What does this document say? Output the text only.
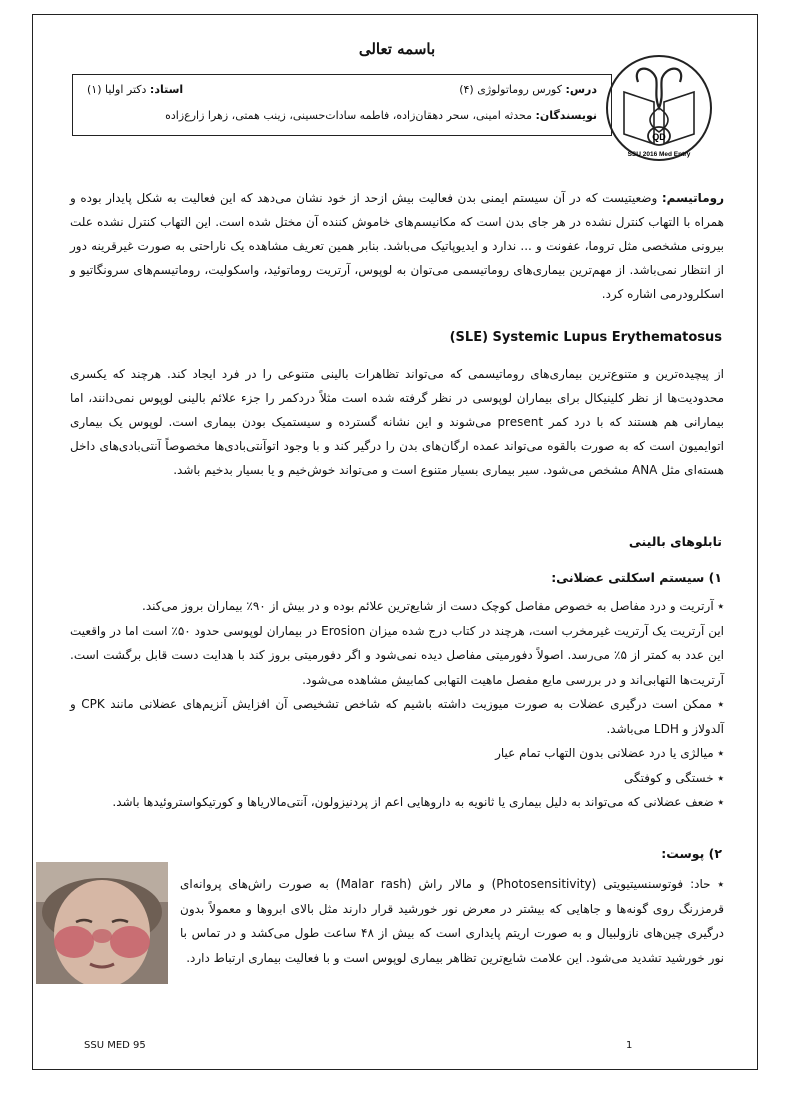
باسمه تعالی
QD
SSU 2016 Med Entry
درس: کورس روماتولوژی (۴)
استاد: دکتر اولیا (۱)
نویسندگان: محدثه امینی، سحر دهقان‌زاده، فاطمه سادات‌حسینی، زینب همتی، زهرا زارع‌زاده
روماتیسم: وضعیتیست که در آن سیستم ایمنی بدن فعالیت بیش ازحد از خود نشان می‌دهد که این فعالیت به شکل پایدار بوده و همراه با التهاب کنترل نشده در هر جای بدن است که مکانیسم‌های خاموش کننده آن مختل شده است. این التهاب کنترل نشده علت بیرونی مشخصی مثل تروما، عفونت و ... ندارد و ایدیوپاتیک می‌باشد. بنابر همین تعریف مشاهده یک ناراحتی به صورت غیرقرینه دور از انتظار نمی‌باشد. از مهم‌ترین بیماری‌های روماتیسمی می‌توان به لوپوس، آرتریت روماتوئید، واسکولیت، روماتیسم‌های سرونگاتیو و اسکلرودرمی اشاره کرد.
(SLE) Systemic Lupus Erythematosus
از پیچیده‌ترین و متنوع‌ترین بیماری‌های روماتیسمی که می‌تواند تظاهرات بالینی متنوعی را در فرد ایجاد کند. هرچند که یکسری محدودیت‌ها از نظر کلینیکال برای بیماران لوپوسی در نظر گرفته شده است مثلاً دردکمر را جزء علائم بالینی لوپوس نمی‌دانند، اما بیمارانی هم هستند که با درد کمر present می‌شوند و این نشانه گسترده و سیستمیک بودن بیماری است. لوپوس یک بیماری اتوایمیون است که به صورت بالقوه می‌تواند عمده ارگان‌های بدن را درگیر کند و با وجود اتوآنتی‌بادی‌ها مخصوصاً آنتی‌بادی‌های داخل هسته‌ای مثل ANA مشخص می‌شود. سیر بیماری بسیار متنوع است و می‌تواند خوش‌خیم و یا بسیار بدخیم باشد.
تابلوهای بالینی
۱) سیستم اسکلتی عضلانی:
٭ آرتریت و درد مفاصل به خصوص مفاصل کوچک دست از شایع‌ترین علائم بوده و در بیش از ۹۰٪ بیماران بروز می‌کند.
این آرتریت یک آرتریت غیرمخرب است، هرچند در کتاب درج شده میزان Erosion در بیماران لوپوسی حدود ۵۰٪ است اما در واقعیت این عدد به کمتر از ۵٪ می‌رسد. اصولاً دفورمیتی مفاصل دیده نمی‌شود و اگر دفورمیتی بروز کند با هدایت دست قابل برگشت است. آرتریت‌ها التهابی‌اند و در بررسی مایع مفصل ماهیت التهابی کمابیش مشاهده می‌شود.
٭ ممکن است درگیری عضلات به صورت میوزیت داشته باشیم که شاخص تشخیصی آن افزایش آنزیم‌های عضلانی مانند CPK و آلدولاز و LDH می‌باشد.
٭ میالژی یا درد عضلانی بدون التهاب تمام عیار
٭ خستگی و کوفتگی
٭ ضعف عضلانی که می‌تواند به دلیل بیماری یا ثانویه به داروهایی اعم از پردنیزولون، آنتی‌مالاریاها و کورتیکواستروئیدها باشد.
۲) پوست:
٭ حاد: فوتوسنسیتیویتی (Photosensitivity) و مالار راش (Malar rash) به صورت راش‌های پروانه‌ای قرمزرنگ روی گونه‌ها و جاهایی که بیشتر در معرض نور خورشید قرار دارند مثل بالای ابروها و معمولاً بدون درگیری چین‌های نازولبیال و به صورت اریتم پایداری است که بیش از ۴۸ ساعت طول می‌کشد و در تماس با نور خورشید تشدید می‌شود. این علامت شایع‌ترین تظاهر بیماری لوپوس است و با فعالیت بیماری ارتباط دارد.
SSU MED 95	1
